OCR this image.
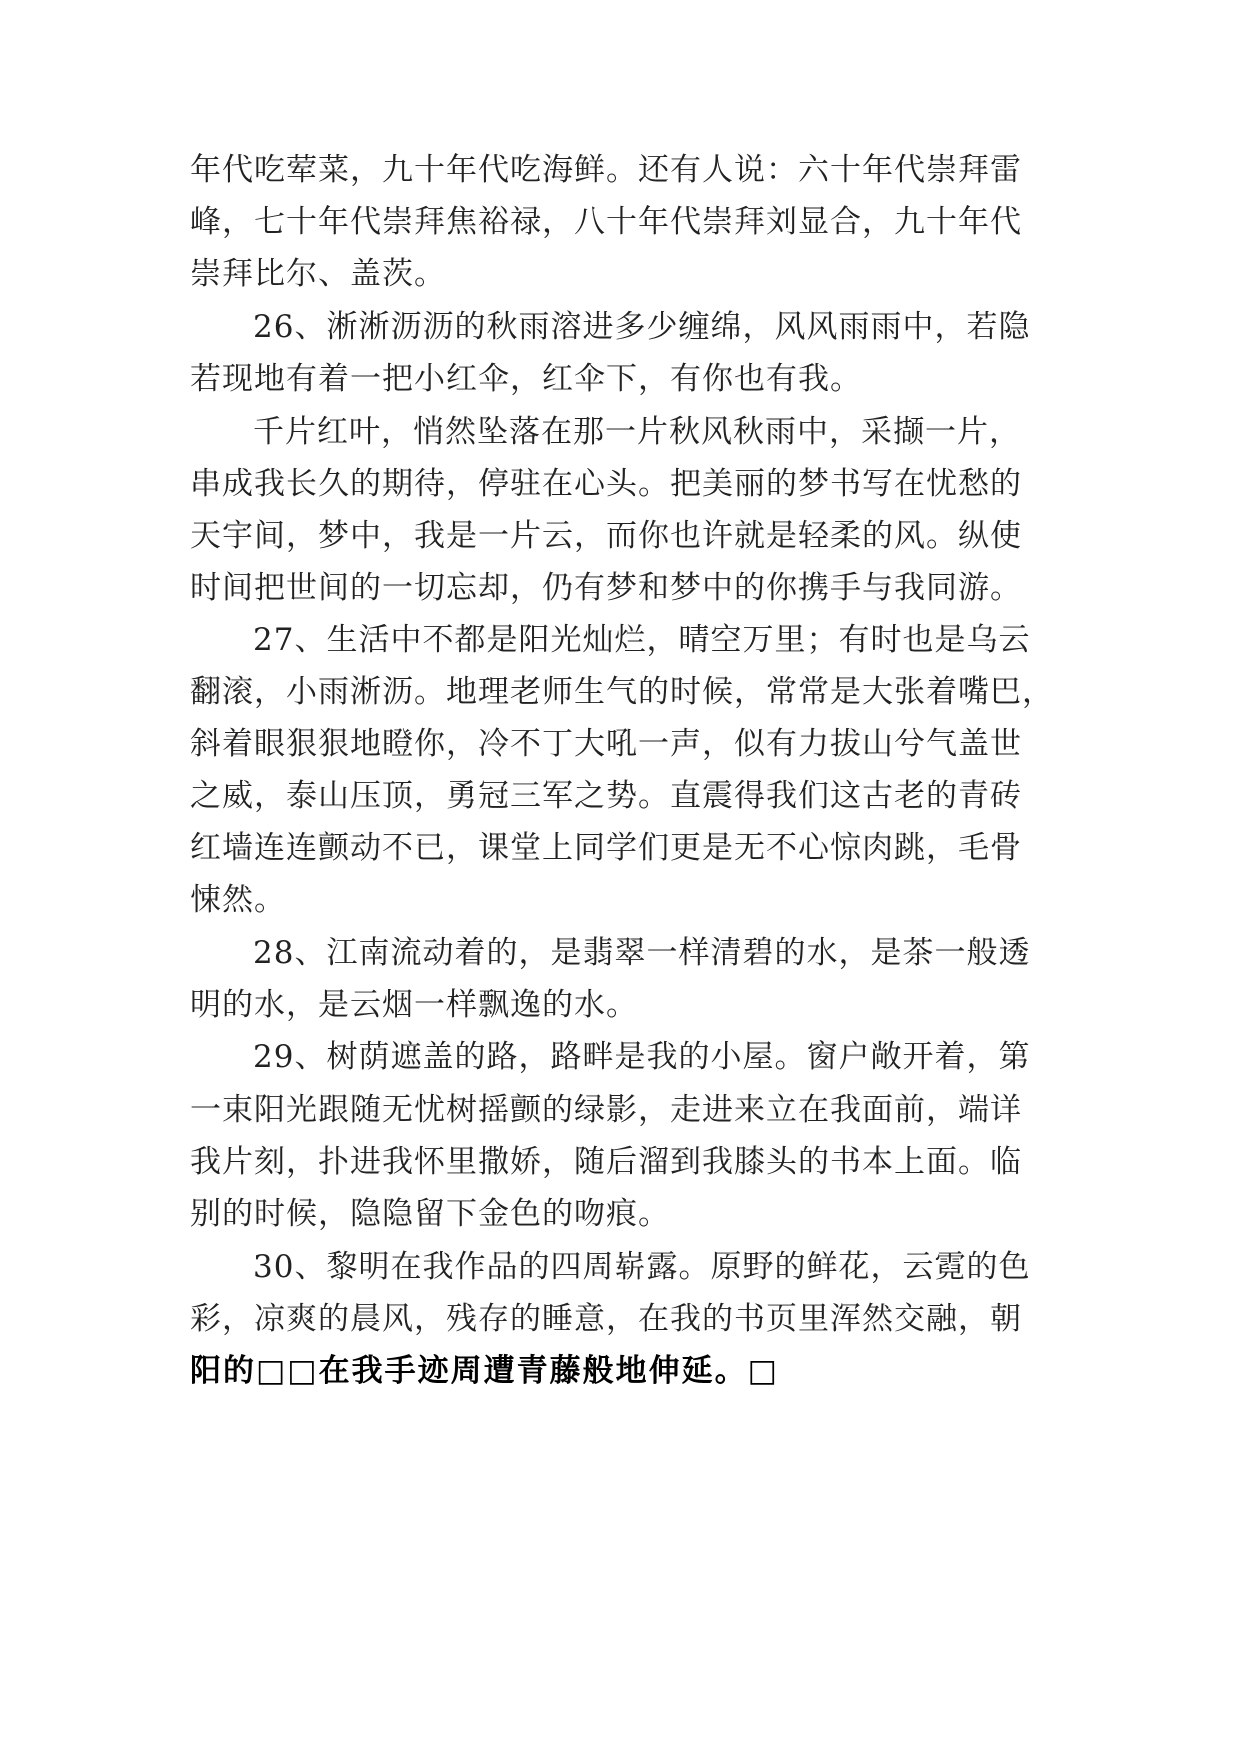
年代吃荤菜，九十年代吃海鲜。还有人说：六十年代崇拜雷

峰，七十年代崇拜焦裕禄，八十年代崇拜刘显合，九十年代

崇拜比尔、盖茨。

26、淅淅沥沥的秋雨溶进多少缠绵，风风雨雨中，若隐

若现地有着一把小红伞，红伞下，有你也有我。

千片红叶，悄然坠落在那一片秋风秋雨中，采撷一片，

串成我长久的期待，停驻在心头。把美丽的梦书写在忧愁的

天宇间，梦中，我是一片云，而你也许就是轻柔的风。纵使

时间把世间的一切忘却，仍有梦和梦中的你携手与我同游。

27、生活中不都是阳光灿烂，晴空万里；有时也是乌云

翻滚，小雨淅沥。地理老师生气的时候，常常是大张着嘴巴，

斜着眼狠狠地瞪你，冷不丁大吼一声，似有力拔山兮气盖世

之威，泰山压顶，勇冠三军之势。直震得我们这古老的青砖

红墙连连颤动不已，课堂上同学们更是无不心惊肉跳，毛骨

悚然。

28、江南流动着的，是翡翠一样清碧的水，是茶一般透

明的水，是云烟一样飘逸的水。

29、树荫遮盖的路，路畔是我的小屋。窗户敞开着，第

一束阳光跟随无忧树摇颤的绿影，走进来立在我面前，端详

我片刻，扑进我怀里撒娇，随后溜到我膝头的书本上面。临

别的时候，隐隐留下金色的吻痕。

30、黎明在我作品的四周崭露。原野的鲜花，云霓的色

彩，凉爽的晨风，残存的睡意，在我的书页里浑然交融，朝

阳的□□在我手迹周遭青藤般地伸延。□
